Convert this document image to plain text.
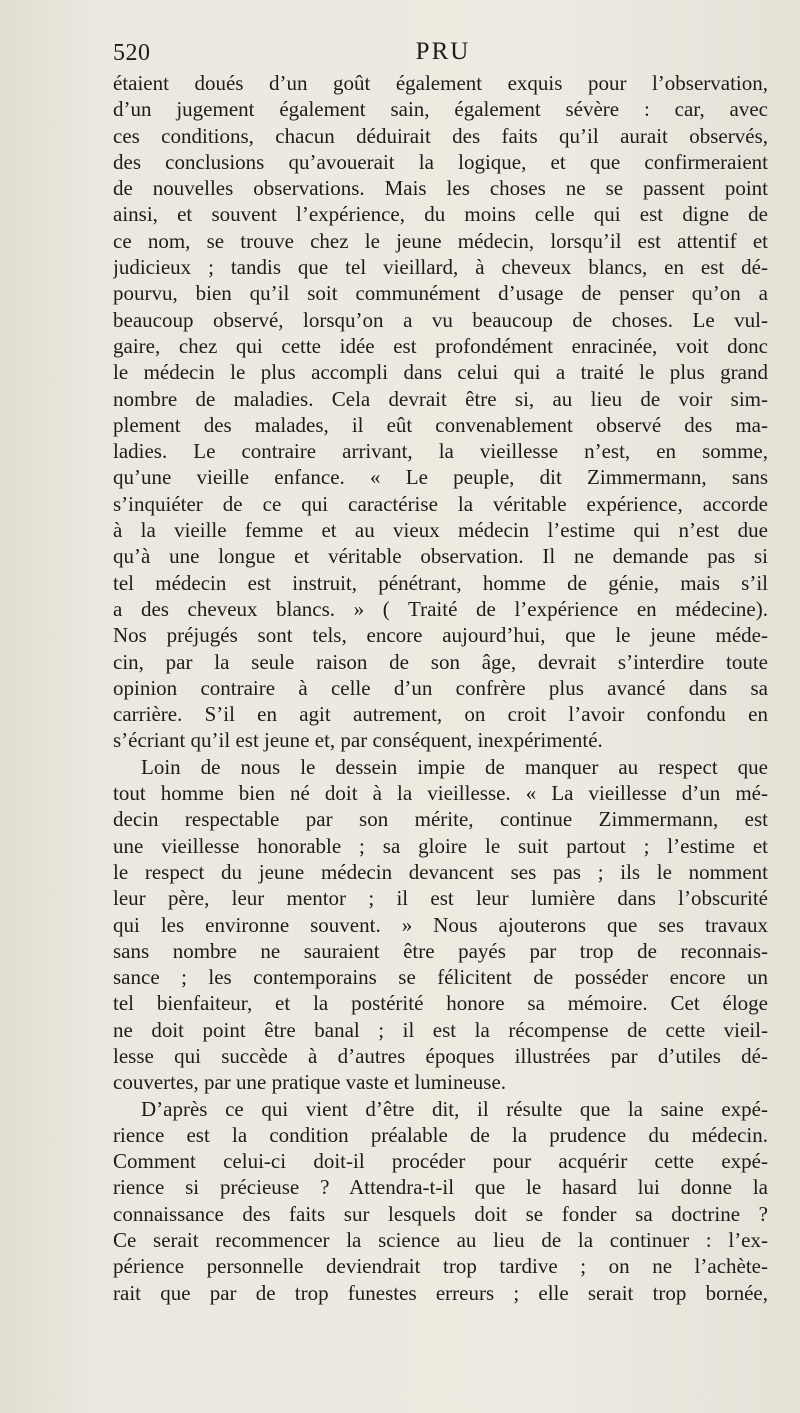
520	PRU
étaient doués d’un goût également exquis pour l’observation,
d’un jugement également sain, également sévère : car, avec
ces conditions, chacun déduirait des faits qu’il aurait observés,
des conclusions qu’avouerait la logique, et que confirmeraient
de nouvelles observations. Mais les choses ne se passent point
ainsi, et souvent l’expérience, du moins celle qui est digne de
ce nom, se trouve chez le jeune médecin, lorsqu’il est attentif et
judicieux ; tandis que tel vieillard, à cheveux blancs, en est dé-
pourvu, bien qu’il soit communément d’usage de penser qu’on a
beaucoup observé, lorsqu’on a vu beaucoup de choses. Le vul-
gaire, chez qui cette idée est profondément enracinée, voit donc
le médecin le plus accompli dans celui qui a traité le plus grand
nombre de maladies. Cela devrait être si, au lieu de voir sim-
plement des malades, il eût convenablement observé des ma-
ladies. Le contraire arrivant, la vieillesse n’est, en somme,
qu’une vieille enfance. « Le peuple, dit Zimmermann, sans
s’inquiéter de ce qui caractérise la véritable expérience, accorde
à la vieille femme et au vieux médecin l’estime qui n’est due
qu’à une longue et véritable observation. Il ne demande pas si
tel médecin est instruit, pénétrant, homme de génie, mais s’il
a des cheveux blancs. » ( Traité de l’expérience en médecine).
Nos préjugés sont tels, encore aujourd’hui, que le jeune méde-
cin, par la seule raison de son âge, devrait s’interdire toute
opinion contraire à celle d’un confrère plus avancé dans sa
carrière. S’il en agit autrement, on croit l’avoir confondu en
s’écriant qu’il est jeune et, par conséquent, inexpérimenté.
Loin de nous le dessein impie de manquer au respect que
tout homme bien né doit à la vieillesse. « La vieillesse d’un mé-
decin respectable par son mérite, continue Zimmermann, est
une vieillesse honorable ; sa gloire le suit partout ; l’estime et
le respect du jeune médecin devancent ses pas ; ils le nomment
leur père, leur mentor ; il est leur lumière dans l’obscurité
qui les environne souvent. » Nous ajouterons que ses travaux
sans nombre ne sauraient être payés par trop de reconnais-
sance ; les contemporains se félicitent de posséder encore un
tel bienfaiteur, et la postérité honore sa mémoire. Cet éloge
ne doit point être banal ; il est la récompense de cette vieil-
lesse qui succède à d’autres époques illustrées par d’utiles dé-
couvertes, par une pratique vaste et lumineuse.
D’après ce qui vient d’être dit, il résulte que la saine expé-
rience est la condition préalable de la prudence du médecin.
Comment celui-ci doit-il procéder pour acquérir cette expé-
rience si précieuse ? Attendra-t-il que le hasard lui donne la
connaissance des faits sur lesquels doit se fonder sa doctrine ?
Ce serait recommencer la science au lieu de la continuer : l’ex-
périence personnelle deviendrait trop tardive ; on ne l’achète-
rait que par de trop funestes erreurs ; elle serait trop bornée,
